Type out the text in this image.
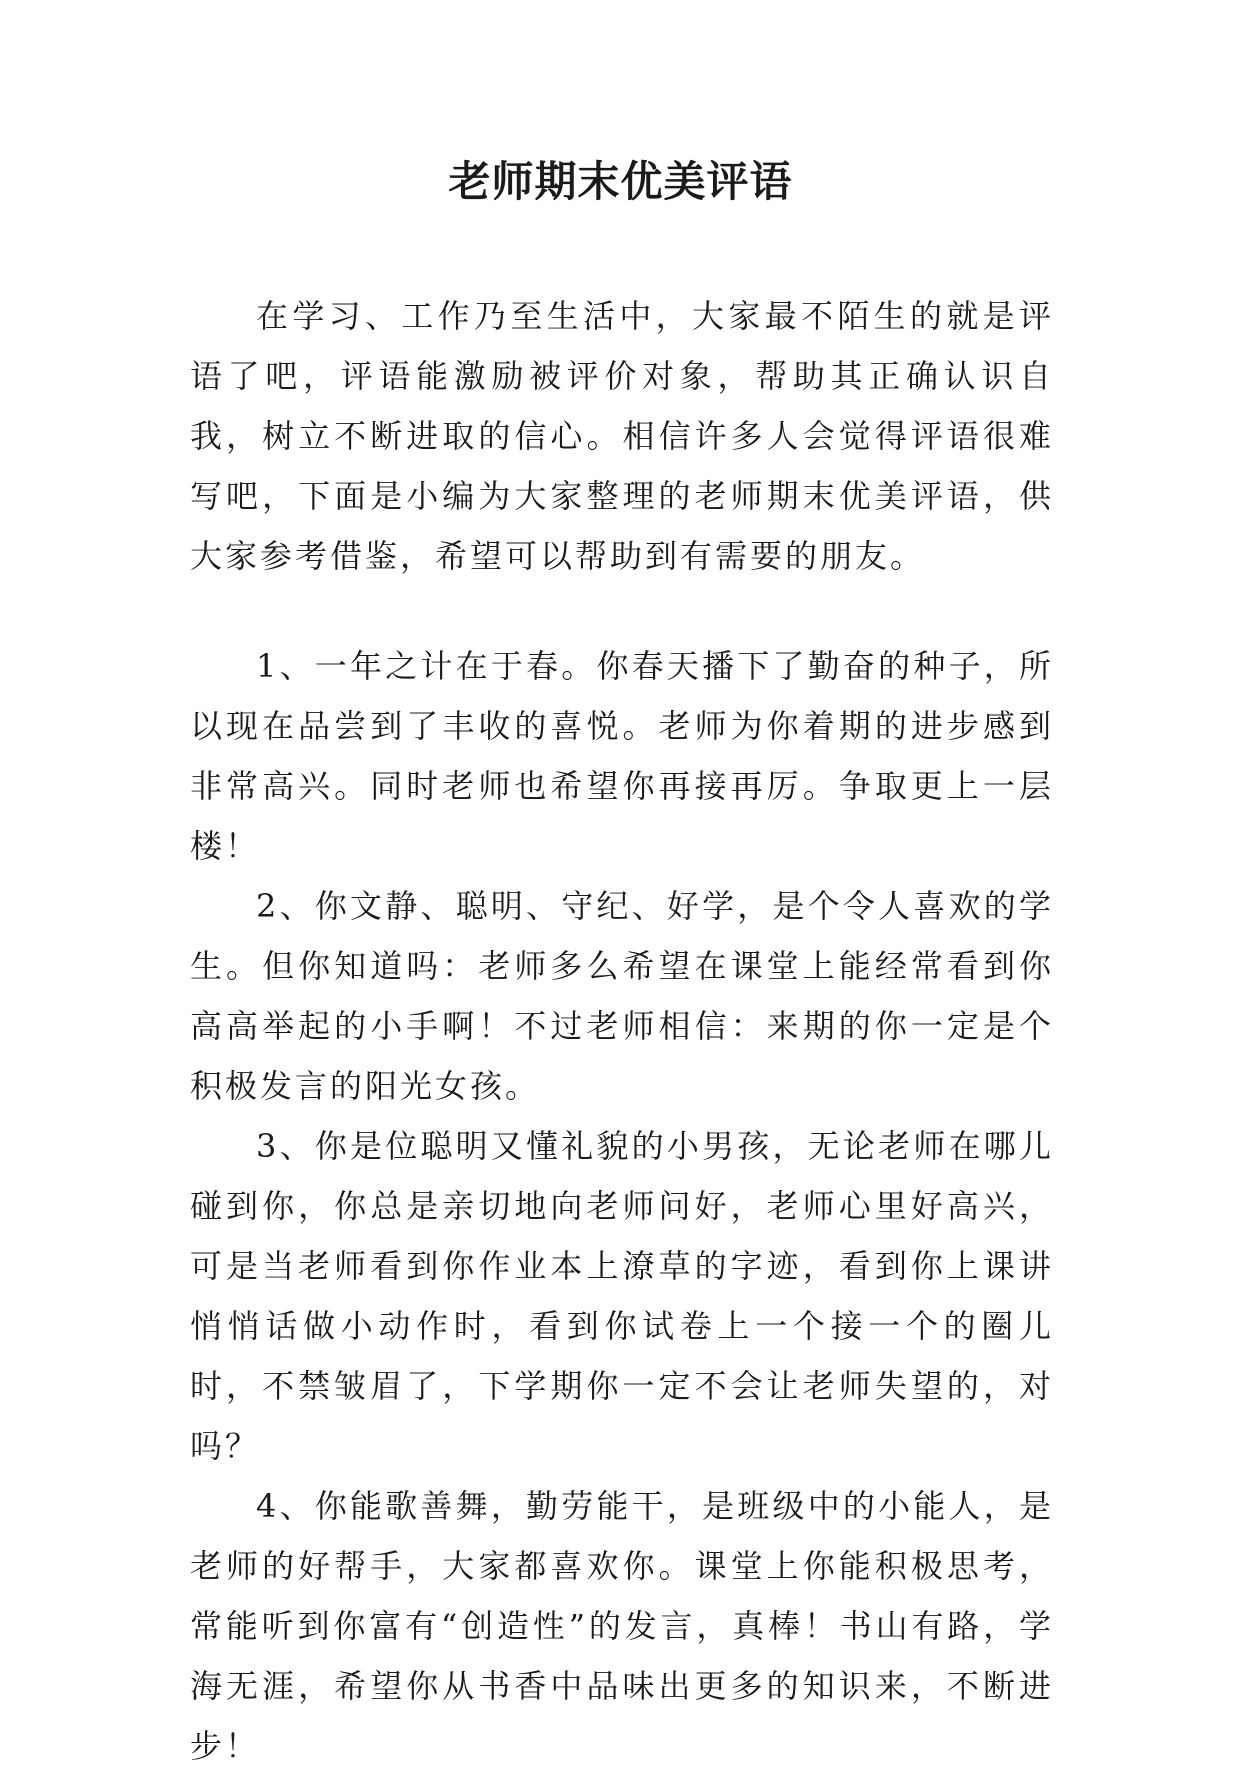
老师期末优美评语

在学习、工作乃至生活中，大家最不陌生的就是评语了吧，评语能激励被评价对象，帮助其正确认识自我，树立不断进取的信心。相信许多人会觉得评语很难写吧，下面是小编为大家整理的老师期末优美评语，供大家参考借鉴，希望可以帮助到有需要的朋友。

1、一年之计在于春。你春天播下了勤奋的种子，所以现在品尝到了丰收的喜悦。老师为你着期的进步感到非常高兴。同时老师也希望你再接再厉。争取更上一层楼！

2、你文静、聪明、守纪、好学，是个令人喜欢的学生。但你知道吗：老师多么希望在课堂上能经常看到你高高举起的小手啊！不过老师相信：来期的你一定是个积极发言的阳光女孩。

3、你是位聪明又懂礼貌的小男孩，无论老师在哪儿碰到你，你总是亲切地向老师问好，老师心里好高兴，可是当老师看到你作业本上潦草的字迹，看到你上课讲悄悄话做小动作时，看到你试卷上一个接一个的圈儿时，不禁皱眉了，下学期你一定不会让老师失望的，对吗？

4、你能歌善舞，勤劳能干，是班级中的小能人，是老师的好帮手，大家都喜欢你。课堂上你能积极思考，常能听到你富有“创造性”的发言，真棒！书山有路，学海无涯，希望你从书香中品味出更多的知识来，不断进步！
